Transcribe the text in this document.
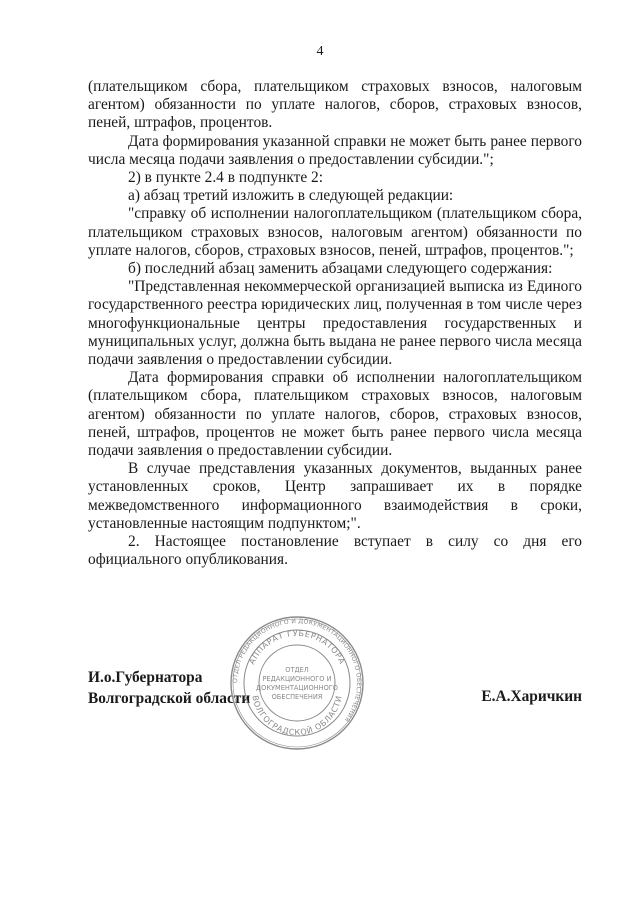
4

(плательщиком сбора, плательщиком страховых взносов, налоговым агентом) обязанности по уплате налогов, сборов, страховых взносов, пеней, штрафов, процентов.

Дата формирования указанной справки не может быть ранее первого числа месяца подачи заявления о предоставлении субсидии.";

2) в пункте 2.4 в подпункте 2:

а) абзац третий изложить в следующей редакции:

"справку об исполнении налогоплательщиком (плательщиком сбора, плательщиком страховых взносов, налоговым агентом) обязанности по уплате налогов, сборов, страховых взносов, пеней, штрафов, процентов.";

б) последний абзац заменить абзацами следующего содержания:

"Представленная некоммерческой организацией выписка из Единого государственного реестра юридических лиц, полученная в том числе через многофункциональные центры предоставления государственных и муниципальных услуг, должна быть выдана не ранее первого числа месяца подачи заявления о предоставлении субсидии.

Дата формирования справки об исполнении налогоплательщиком (плательщиком сбора, плательщиком страховых взносов, налоговым агентом) обязанности по уплате налогов, сборов, страховых взносов, пеней, штрафов, процентов не может быть ранее первого числа месяца подачи заявления о предоставлении субсидии.

В случае представления указанных документов, выданных ранее установленных сроков, Центр запрашивает их в порядке межведомственного информационного взаимодействия в сроки, установленные настоящим подпунктом;".

2. Настоящее постановление вступает в силу со дня его официального опубликования.

И.о.Губернатора
Волгоградской области	Е.А.Харичкин
ОТДЕЛ РЕДАКЦИОННОГО И ДОКУМЕНТАЦИОННОГО ОБЕСПЕЧЕНИЯ
АППАРАТ ГУБЕРНАТОРА
ВОЛГОГРАДСКОЙ ОБЛАСТИ
ОТДЕЛ
РЕДАКЦИОННОГО И
ДОКУМЕНТАЦИОННОГО
ОБЕСПЕЧЕНИЯ
